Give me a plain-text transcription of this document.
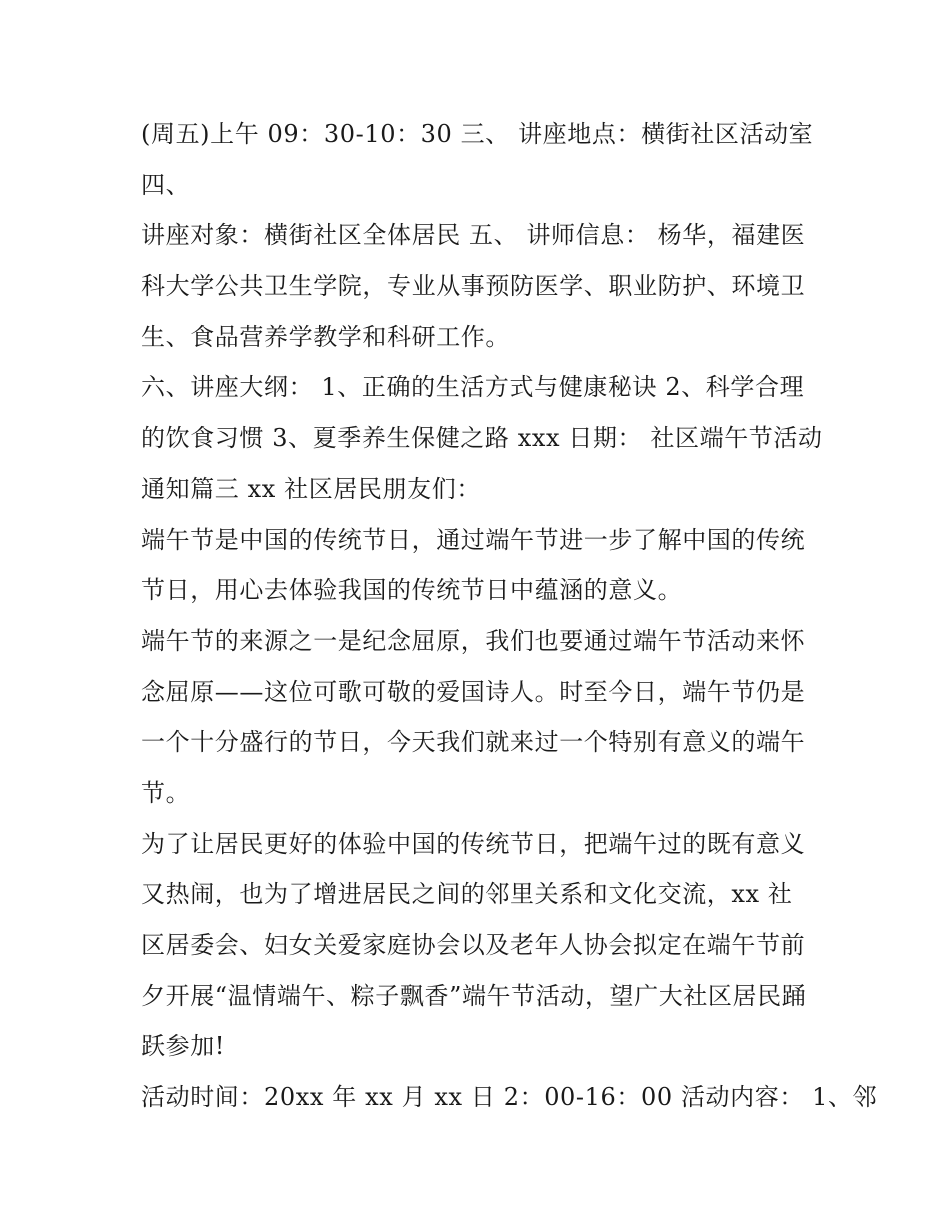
(周五)上午 09：30-10：30 三、 讲座地点：横街社区活动室
四、
讲座对象：横街社区全体居民 五、 讲师信息： 杨华，福建医
科大学公共卫生学院，专业从事预防医学、职业防护、环境卫
生、食品营养学教学和科研工作。
六、讲座大纲： 1、正确的生活方式与健康秘诀 2、科学合理
的饮食习惯 3、夏季养生保健之路 xxx 日期： 社区端午节活动
通知篇三 xx 社区居民朋友们：
端午节是中国的传统节日，通过端午节进一步了解中国的传统
节日，用心去体验我国的传统节日中蕴涵的意义。
端午节的来源之一是纪念屈原，我们也要通过端午节活动来怀
念屈原——这位可歌可敬的爱国诗人。时至今日，端午节仍是
一个十分盛行的节日，今天我们就来过一个特别有意义的端午
节。
为了让居民更好的体验中国的传统节日，把端午过的既有意义
又热闹，也为了增进居民之间的邻里关系和文化交流，xx 社
区居委会、妇女关爱家庭协会以及老年人协会拟定在端午节前
夕开展“温情端午、粽子飘香”端午节活动，望广大社区居民踊
跃参加!
活动时间：20xx 年 xx 月 xx 日 2：00-16：00 活动内容： 1、邻
